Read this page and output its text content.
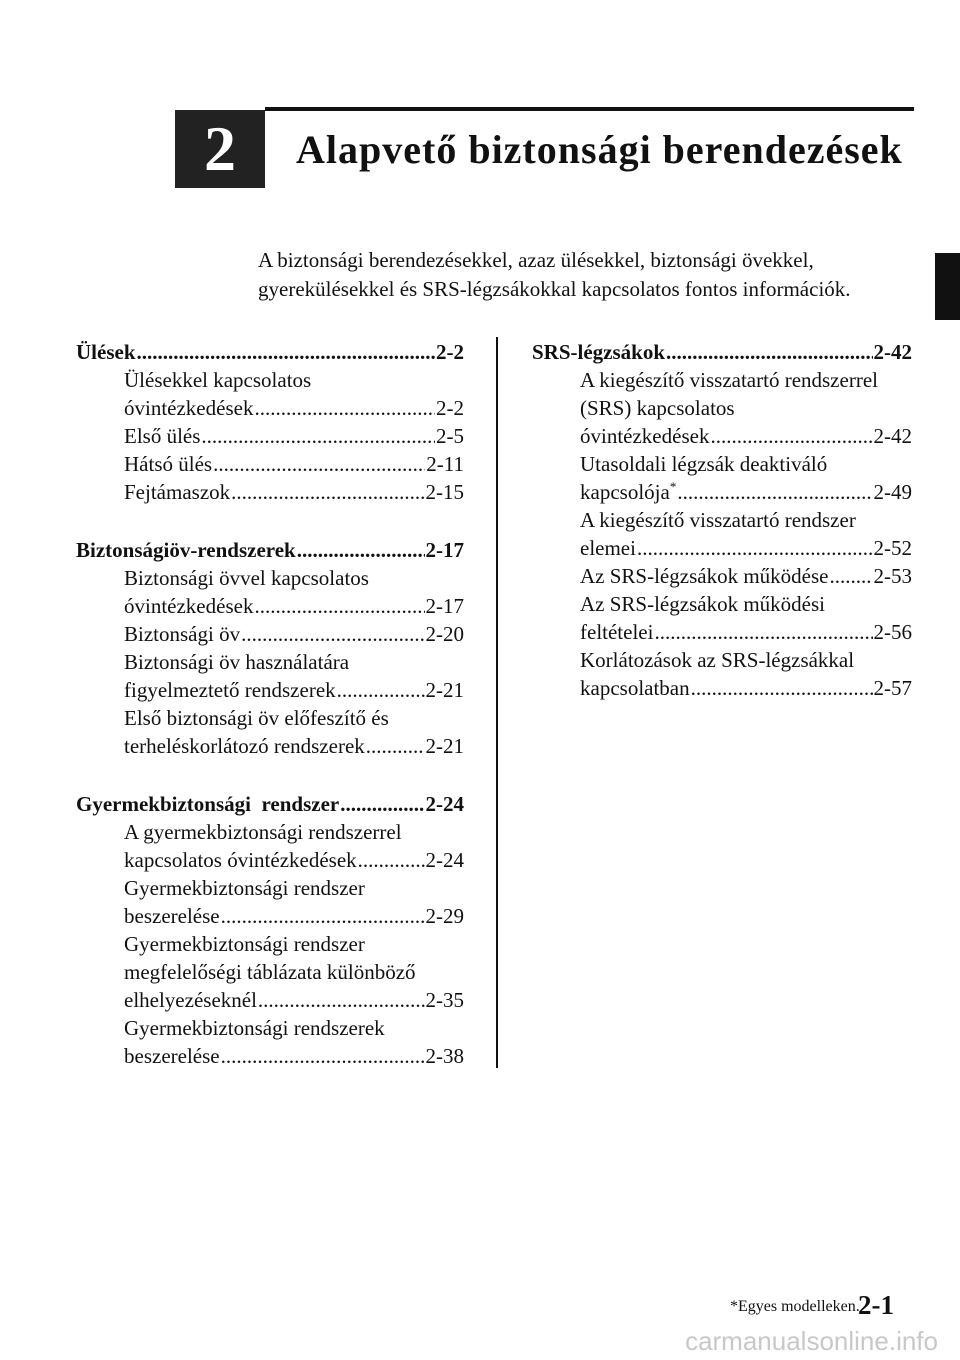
2	Alapvető biztonsági berendezések
A biztonsági berendezésekkel, azaz ülésekkel, biztonsági övekkel,
gyerekülésekkel és SRS-légzsákokkal kapcsolatos fontos információk.
Ülések .....	2-2
Ülésekkel kapcsolatos
óvintézkedések .....	2-2
Első ülés .....	2-5
Hátsó ülés .....	2-11
Fejtámaszok .....	2-15
Biztonságiöv-rendszerek .....	2-17
Biztonsági övvel kapcsolatos
óvintézkedések .....	2-17
Biztonsági öv .....	2-20
Biztonsági öv használatára
figyelmeztető rendszerek .....	2-21
Első biztonsági öv előfeszítő és
terheléskorlátozó rendszerek .....	2-21
Gyermekbiztonsági  rendszer .....	2-24
A gyermekbiztonsági rendszerrel
kapcsolatos óvintézkedések .....	2-24
Gyermekbiztonsági rendszer
beszerelése .....	2-29
Gyermekbiztonsági rendszer
megfelelőségi táblázata különböző
elhelyezéseknél .....	2-35
Gyermekbiztonsági rendszerek
beszerelése .....	2-38
SRS-légzsákok .....	2-42
A kiegészítő visszatartó rendszerrel
(SRS) kapcsolatos
óvintézkedések .....	2-42
Utasoldali légzsák deaktiváló
kapcsolója* .....	2-49
A kiegészítő visszatartó rendszer
elemei .....	2-52
Az SRS-légzsákok működése ..... 2-53
Az SRS-légzsákok működési
feltételei .....	2-56
Korlátozások az SRS-légzsákkal
kapcsolatban .....	2-57
*Egyes modelleken.
2-1
carmanualsonline.info
